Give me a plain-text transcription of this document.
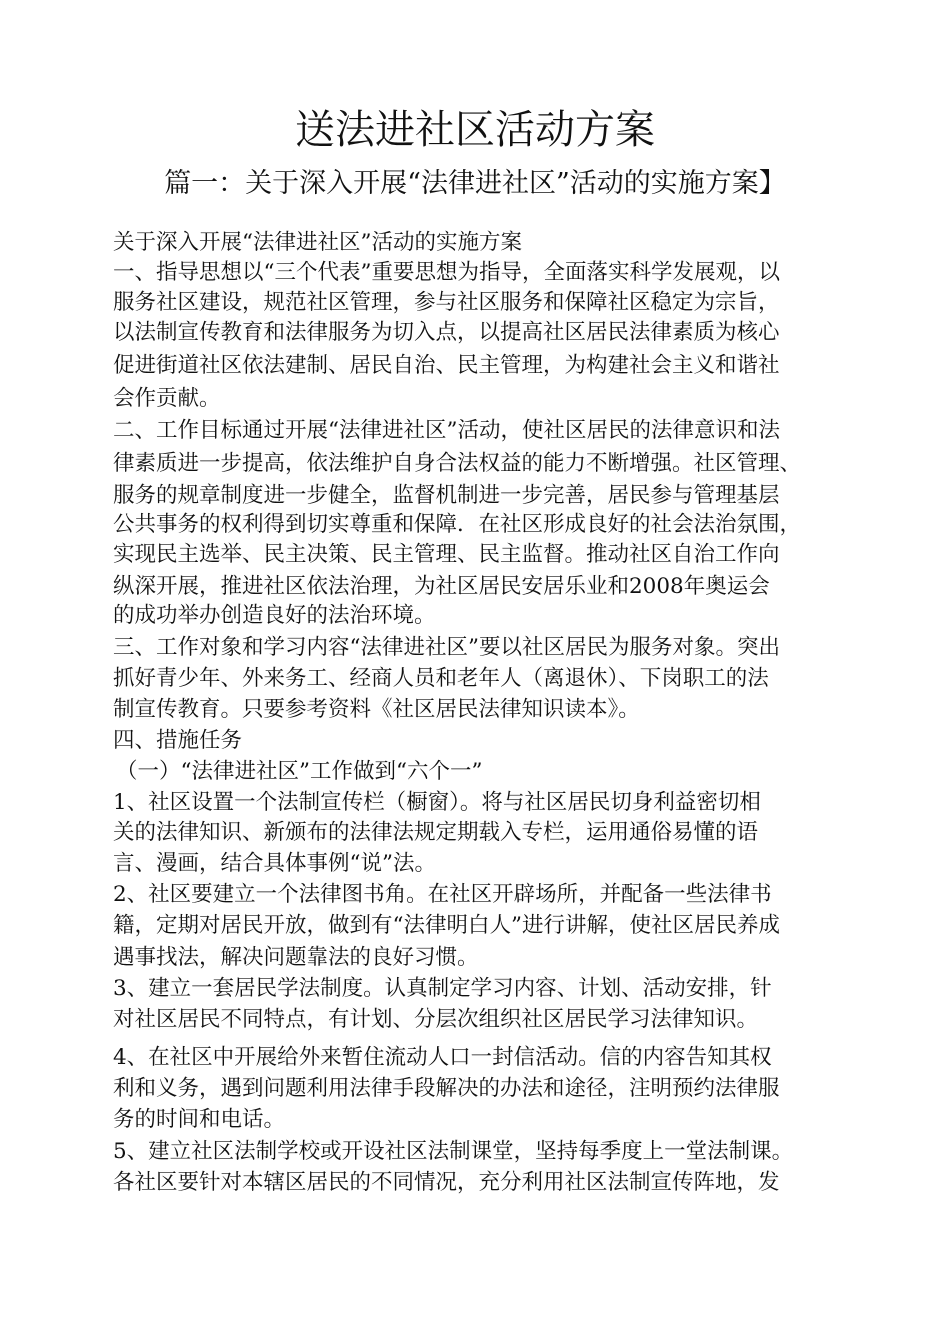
送法进社区活动方案
篇一：关于深入开展“法律进社区”活动的实施方案】
关于深入开展“法律进社区”活动的实施方案
一、指导思想以“三个代表”重要思想为指导，全面落实科学发展观，以
服务社区建设，规范社区管理，参与社区服务和保障社区稳定为宗旨，
以法制宣传教育和法律服务为切入点，以提高社区居民法律素质为核心
促进街道社区依法建制、居民自治、民主管理，为构建社会主义和谐社
会作贡献。
二、工作目标通过开展“法律进社区”活动，使社区居民的法律意识和法
律素质进一步提高，依法维护自身合法权益的能力不断增强。社区管理、
服务的规章制度进一步健全，监督机制进一步完善，居民参与管理基层
公共事务的权利得到切实尊重和保障．在社区形成良好的社会法治氛围，
实现民主选举、民主决策、民主管理、民主监督。推动社区自治工作向
纵深开展，推进社区依法治理，为社区居民安居乐业和2008年奥运会
的成功举办创造良好的法治环境。
三、工作对象和学习内容“法律进社区”要以社区居民为服务对象。突出
抓好青少年、外来务工、经商人员和老年人（离退休）、下岗职工的法
制宣传教育。只要参考资料《社区居民法律知识读本》。
四、措施任务
（一）“法律进社区”工作做到“六个一”
1、社区设置一个法制宣传栏（橱窗）。将与社区居民切身利益密切相
关的法律知识、新颁布的法律法规定期载入专栏，运用通俗易懂的语
言、漫画，结合具体事例“说”法。
2、社区要建立一个法律图书角。在社区开辟场所，并配备一些法律书
籍，定期对居民开放，做到有“法律明白人”进行讲解，使社区居民养成
遇事找法，解决问题靠法的良好习惯。
3、建立一套居民学法制度。认真制定学习内容、计划、活动安排，针
对社区居民不同特点，有计划、分层次组织社区居民学习法律知识。
4、在社区中开展给外来暂住流动人口一封信活动。信的内容告知其权
利和义务，遇到问题利用法律手段解决的办法和途径，注明预约法律服
务的时间和电话。
5、建立社区法制学校或开设社区法制课堂，坚持每季度上一堂法制课。
各社区要针对本辖区居民的不同情况，充分利用社区法制宣传阵地，发
